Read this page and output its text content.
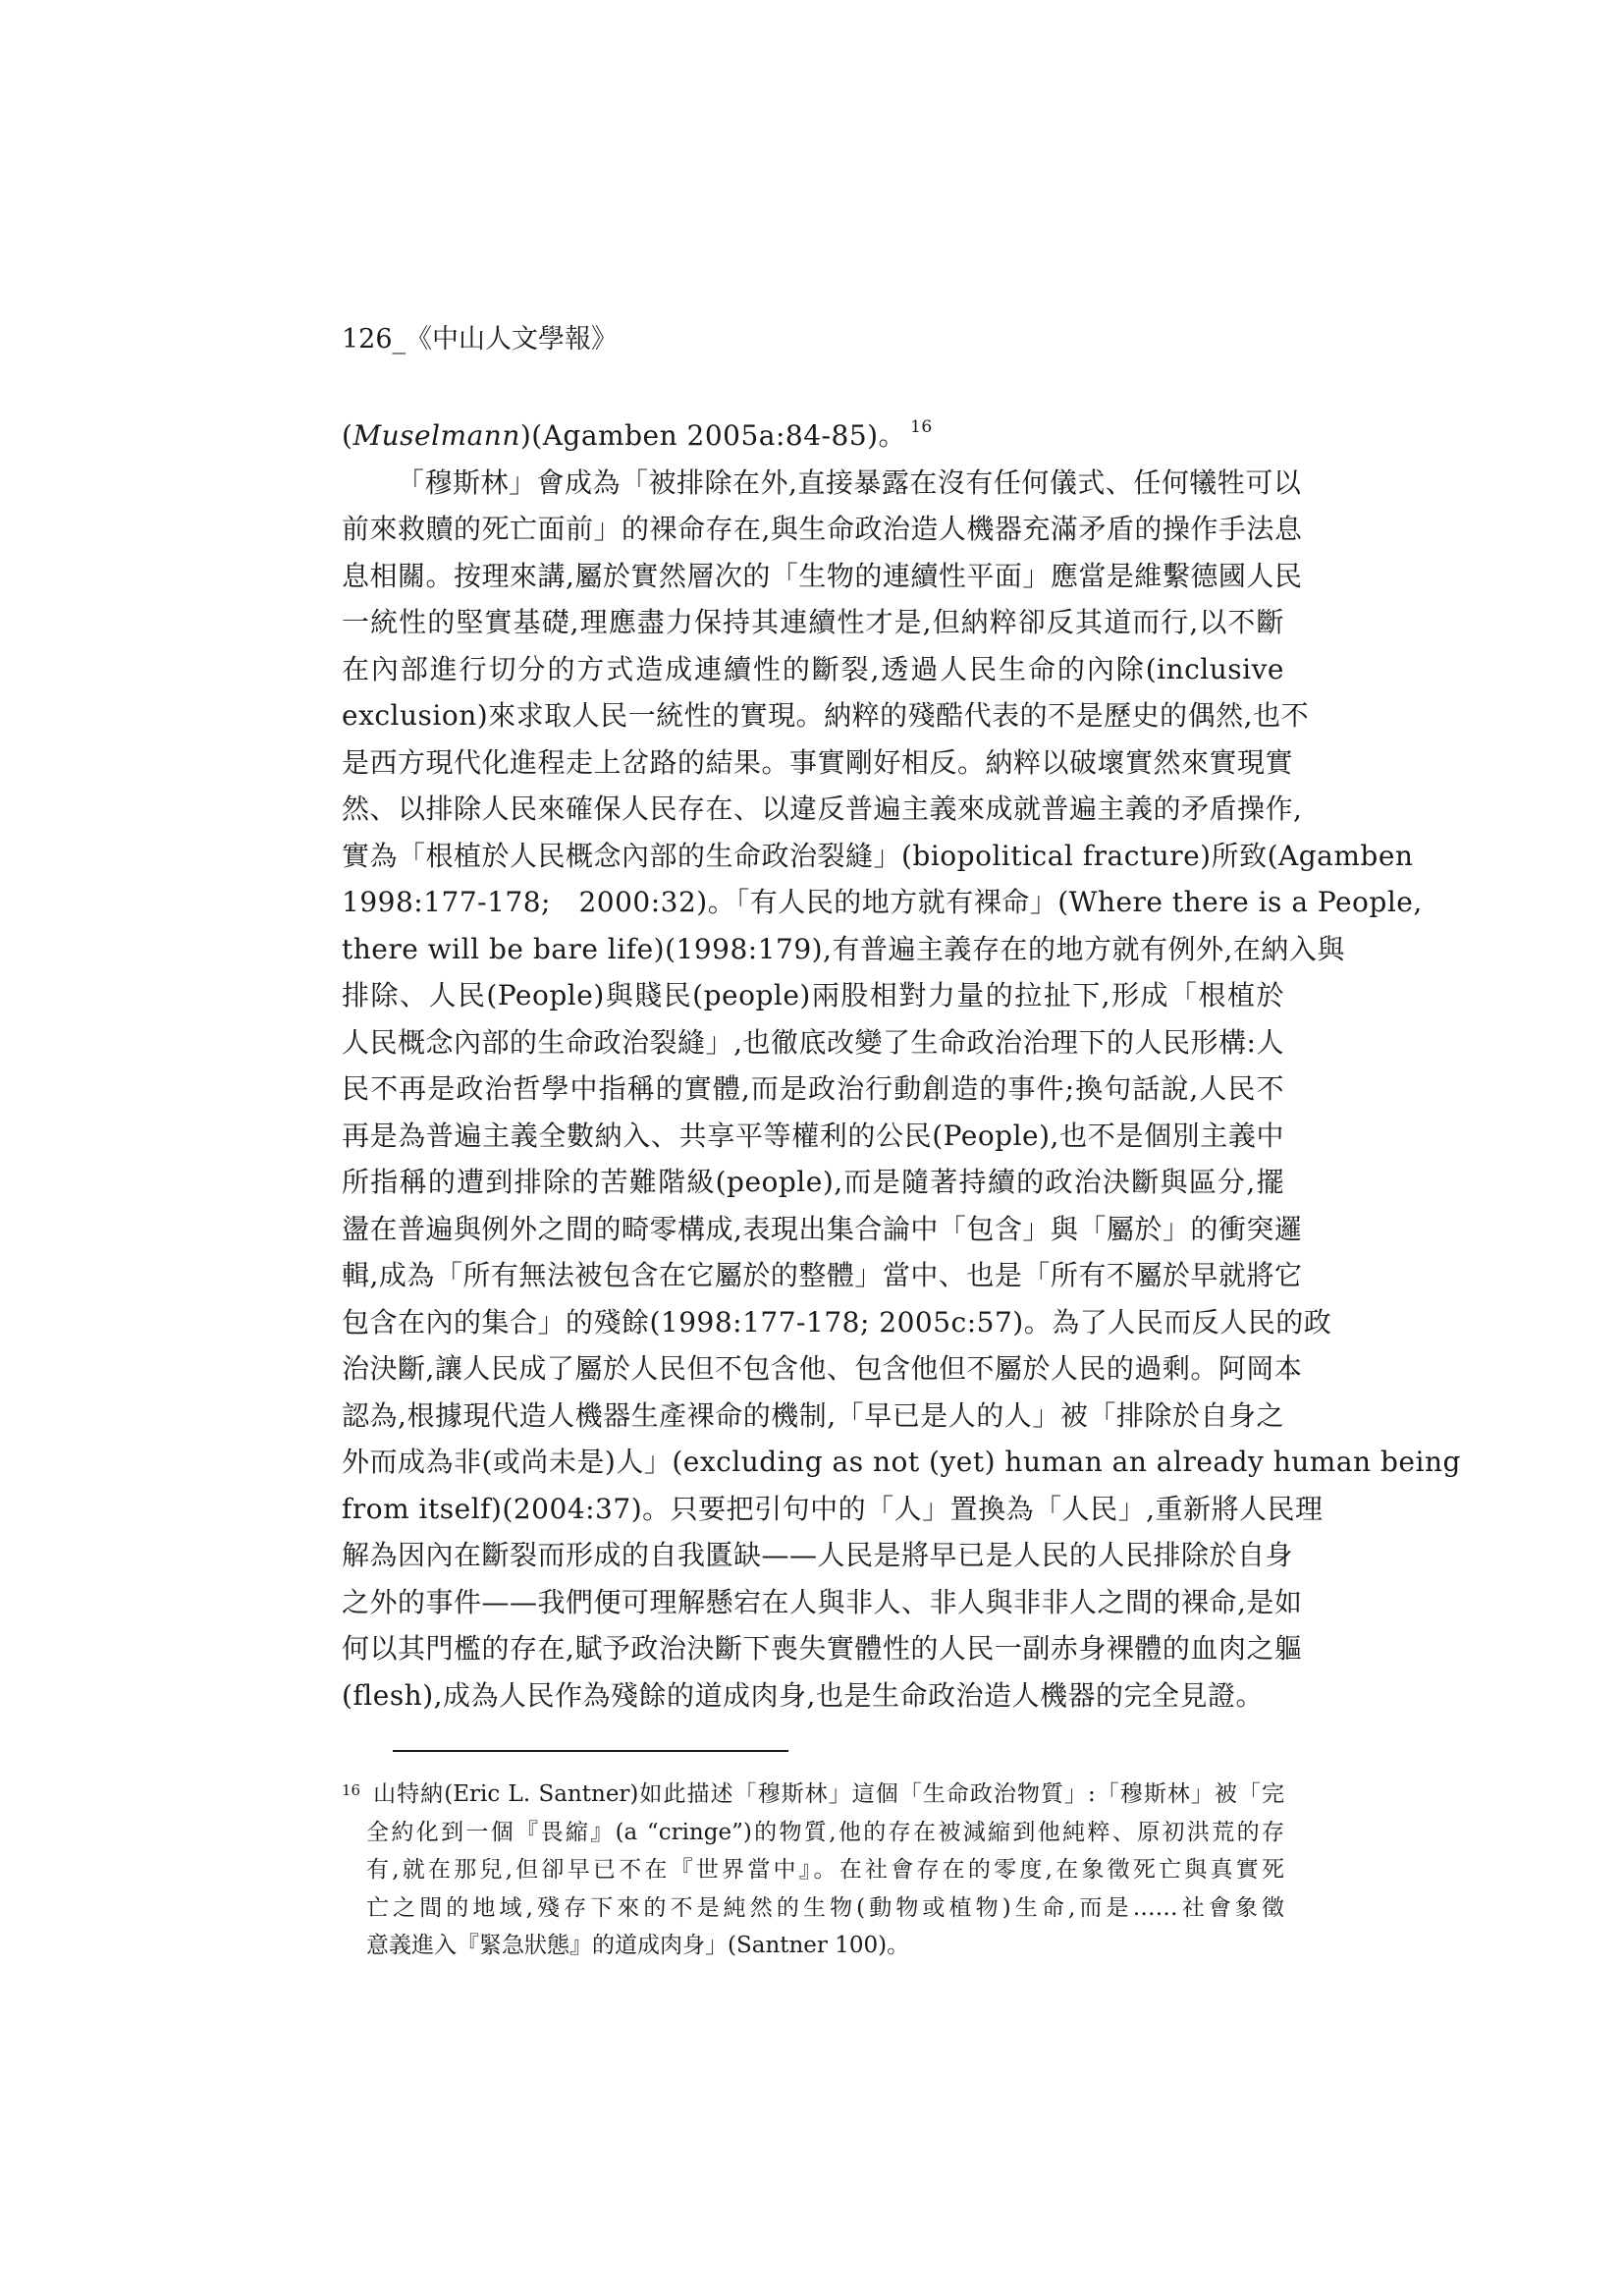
126_《中山人文學報》
(Muselmann)(Agamben 2005a:84-85)。 $^{16}$
「穆斯林」會成為「被排除在外,直接暴露在沒有任何儀式、任何犧牲可以
前來救贖的死亡面前」的裸命存在,與生命政治造人機器充滿矛盾的操作手法息
息相關。按理來講,屬於實然層次的「生物的連續性平面」應當是維繫德國人民
一統性的堅實基礎,理應盡力保持其連續性才是,但納粹卻反其道而行,以不斷
在內部進行切分的方式造成連續性的斷裂,透過人民生命的內除(inclusive
exclusion)來求取人民一統性的實現。納粹的殘酷代表的不是歷史的偶然,也不
是西方現代化進程走上岔路的結果。事實剛好相反。納粹以破壞實然來實現實
然、以排除人民來確保人民存在、以違反普遍主義來成就普遍主義的矛盾操作,
實為「根植於人民概念內部的生命政治裂縫」(biopolitical fracture)所致(Agamben
1998:177-178;　2000:32)。「有人民的地方就有裸命」(Where there is a People,
there will be bare life)(1998:179),有普遍主義存在的地方就有例外,在納入與
排除、人民(People)與賤民(people)兩股相對力量的拉扯下,形成「根植於
人民概念內部的生命政治裂縫」,也徹底改變了生命政治治理下的人民形構:人
民不再是政治哲學中指稱的實體,而是政治行動創造的事件;換句話說,人民不
再是為普遍主義全數納入、共享平等權利的公民(People),也不是個別主義中
所指稱的遭到排除的苦難階級(people),而是隨著持續的政治決斷與區分,擺
盪在普遍與例外之間的畸零構成,表現出集合論中「包含」與「屬於」的衝突邏
輯,成為「所有無法被包含在它屬於的整體」當中、也是「所有不屬於早就將它
包含在內的集合」的殘餘(1998:177-178; 2005c:57)。為了人民而反人民的政
治決斷,讓人民成了屬於人民但不包含他、包含他但不屬於人民的過剩。阿岡本
認為,根據現代造人機器生產裸命的機制,「早已是人的人」被「排除於自身之
外而成為非(或尚未是)人」(excluding as not (yet) human an already human being
from itself)(2004:37)。只要把引句中的「人」置換為「人民」,重新將人民理
解為因內在斷裂而形成的自我匱缺——人民是將早已是人民的人民排除於自身
之外的事件——我們便可理解懸宕在人與非人、非人與非非人之間的裸命,是如
何以其門檻的存在,賦予政治決斷下喪失實體性的人民一副赤身裸體的血肉之軀
(flesh),成為人民作為殘餘的道成肉身,也是生命政治造人機器的完全見證。
$^{16}$ 山特納(Eric L. Santner)如此描述「穆斯林」這個「生命政治物質」:「穆斯林」被「完
全約化到一個『畏縮』(a “cringe”)的物質,他的存在被減縮到他純粹、原初洪荒的存
有,就在那兒,但卻早已不在『世界當中』。在社會存在的零度,在象徵死亡與真實死
亡之間的地域,殘存下來的不是純然的生物(動物或植物)生命,而是……社會象徵
意義進入『緊急狀態』的道成肉身」(Santner 100)。
